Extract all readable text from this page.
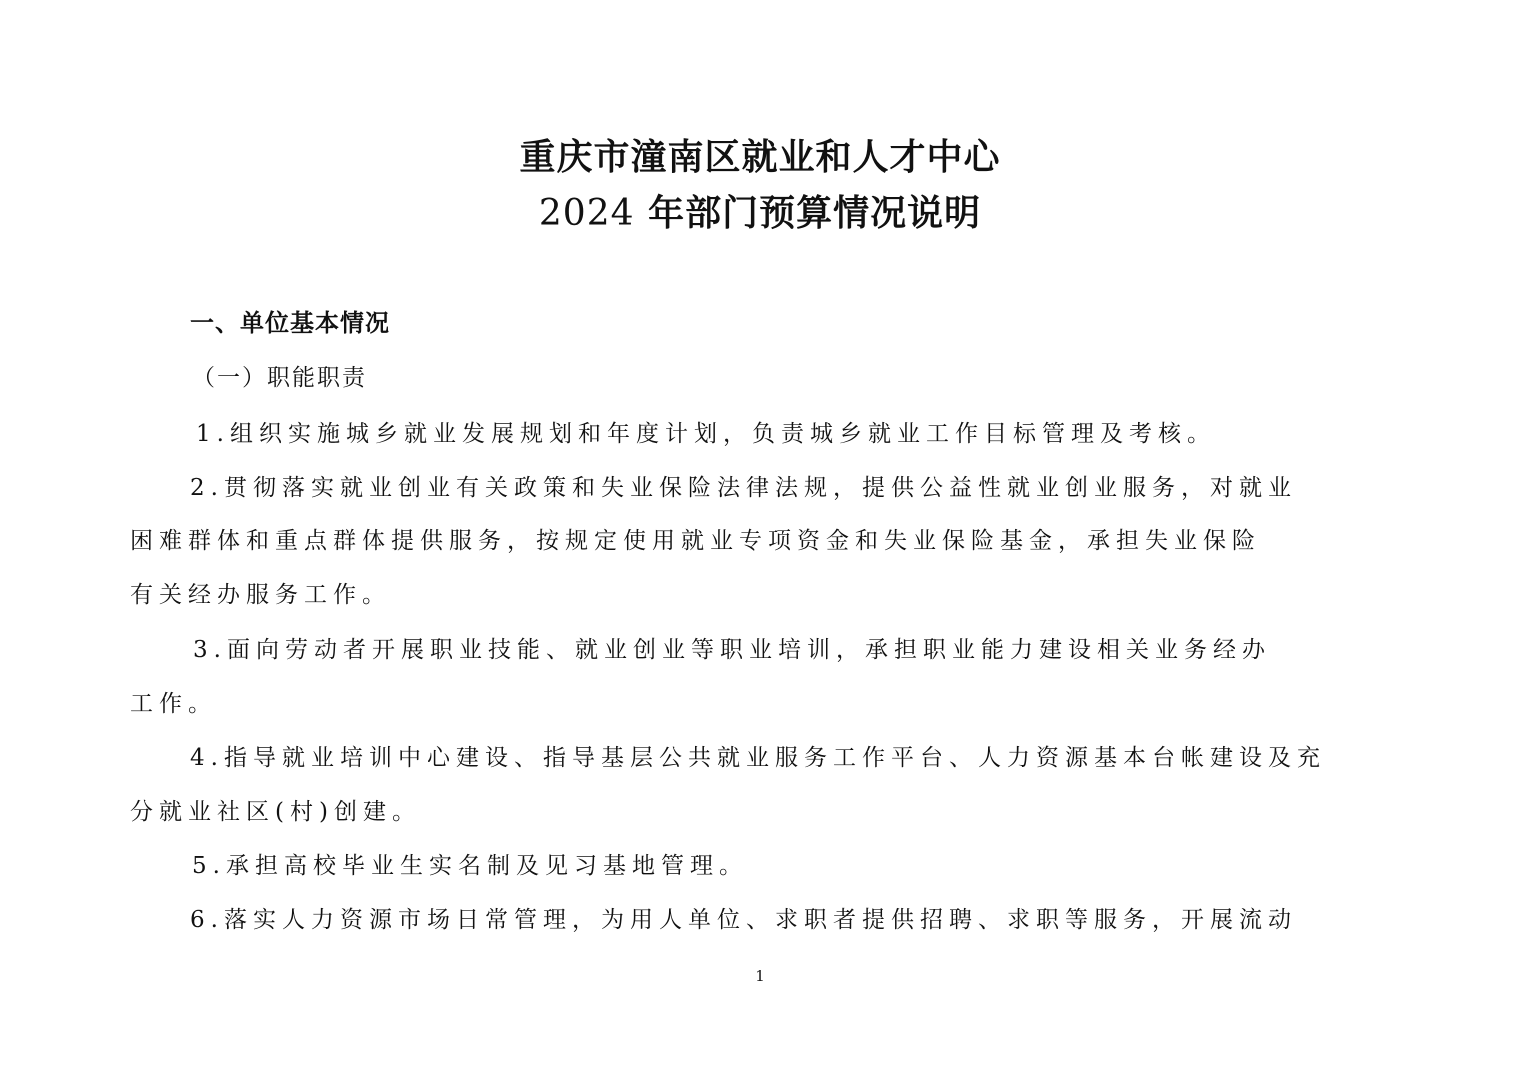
重庆市潼南区就业和人才中心
2024 年部门预算情况说明
一、单位基本情况
（一）职能职责
1.组织实施城乡就业发展规划和年度计划，负责城乡就业工作目标管理及考核。
2.贯彻落实就业创业有关政策和失业保险法律法规，提供公益性就业创业服务，对就业
困难群体和重点群体提供服务，按规定使用就业专项资金和失业保险基金，承担失业保险
有关经办服务工作。
3.面向劳动者开展职业技能、就业创业等职业培训，承担职业能力建设相关业务经办
工作。
4.指导就业培训中心建设、指导基层公共就业服务工作平台、人力资源基本台帐建设及充
分就业社区(村)创建。
5.承担高校毕业生实名制及见习基地管理。
6.落实人力资源市场日常管理，为用人单位、求职者提供招聘、求职等服务，开展流动
1
